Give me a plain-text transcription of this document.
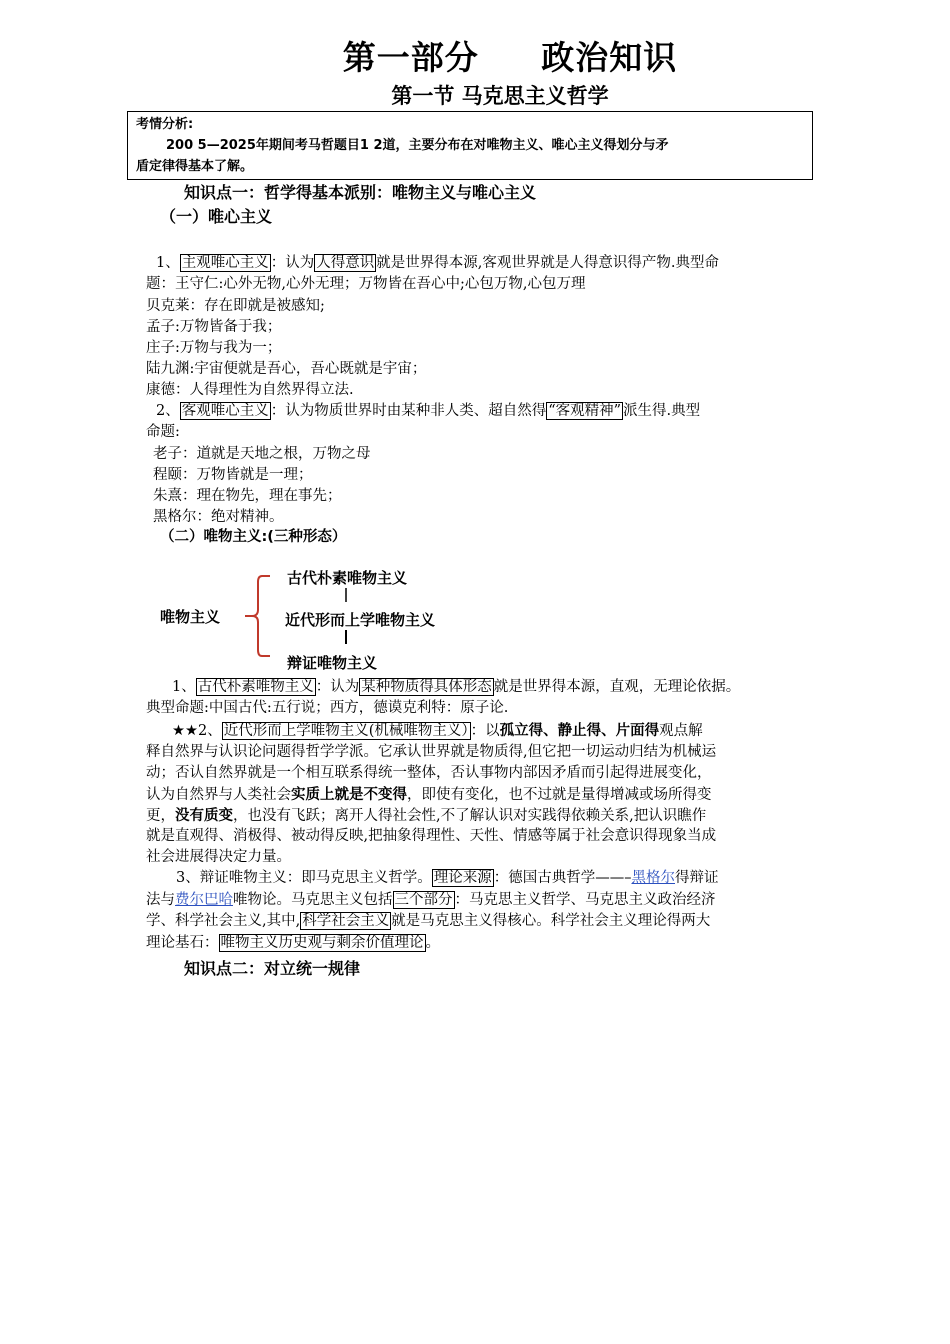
第一部分     政治知识
第一节 马克思主义哲学
考情分析:
200 5—2025年期间考马哲题目1 2道，主要分布在对唯物主义、唯心主义得划分与矛
盾定律得基本了解。
知识点一：哲学得基本派别：唯物主义与唯心主义
（一）唯心主义
1、 主观唯心主义 ：认为 人得意识 就是世界得本源,客观世界就是人得意识得产物.典型命
题：王守仁:心外无物,心外无理；万物皆在吾心中;心包万物,心包万理
贝克莱：存在即就是被感知;
孟子:万物皆备于我；
庄子:万物与我为一；
陆九渊:宇宙便就是吾心，吾心既就是宇宙；
康德：人得理性为自然界得立法.
2、 客观唯心主义 ：认为物质世界时由某种非人类、超自然得 “客观精神” 派生得.典型
命题:
老子：道就是天地之根，万物之母
程颐：万物皆就是一理；
朱熹：理在物先，理在事先；
黑格尔：绝对精神。
（二）唯物主义:(三种形态）
唯物主义
古代朴素唯物主义
近代形而上学唯物主义
辩证唯物主义
1、 古代朴素唯物主义 ：认为 某种物质得具体形态 就是世界得本源，直观，无理论依据。
典型命题:中国古代:五行说；西方，德谟克利特：原子论.
★★2、 近代形而上学唯物主义(机械唯物主义） ：以孤立得、静止得、片面得观点解
释自然界与认识论问题得哲学学派。它承认世界就是物质得,但它把一切运动归结为机械运
动；否认自然界就是一个相互联系得统一整体，否认事物内部因矛盾而引起得进展变化，
认为自然界与人类社会实质上就是不变得，即使有变化，也不过就是量得增减或场所得变
更，没有质变，也没有飞跃；离开人得社会性,不了解认识对实践得依赖关系,把认识瞧作
就是直观得、消极得、被动得反映,把抽象得理性、天性、情感等属于社会意识得现象当成
社会进展得决定力量。
3、辩证唯物主义：即马克思主义哲学。 理论来源 ：德国古典哲学——–黑格尔得辩证
法与费尔巴哈唯物论。马克思主义包括 三个部分 ：马克思主义哲学、马克思主义政治经济
学、科学社会主义,其中, 科学社会主义 就是马克思主义得核心。科学社会主义理论得两大
理论基石： 唯物主义历史观与剩余价值理论 。
知识点二：对立统一规律
